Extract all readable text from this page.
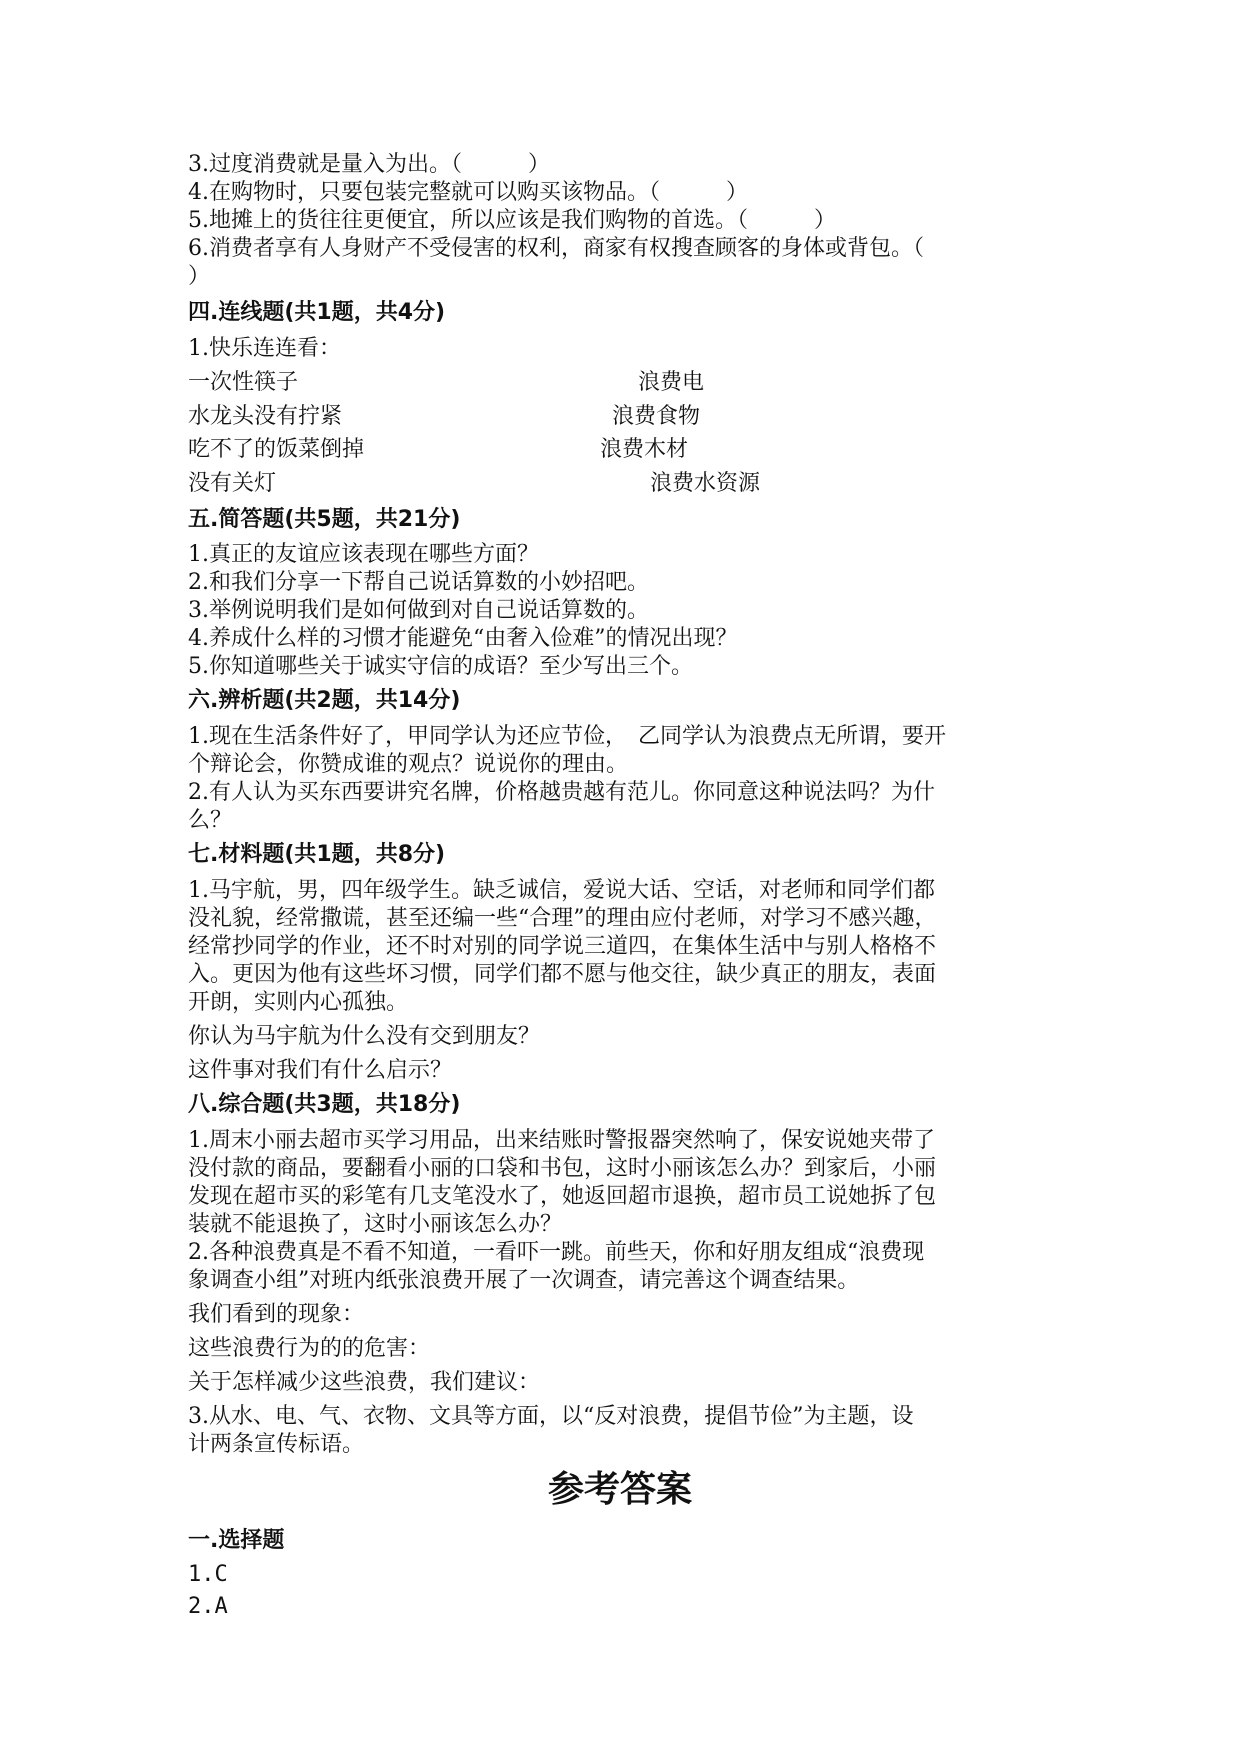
3.过度消费就是量入为出。（　　　）
4.在购物时，只要包装完整就可以购买该物品。（　　　）
5.地摊上的货往往更便宜，所以应该是我们购物的首选。（　　　）
6.消费者享有人身财产不受侵害的权利，商家有权搜查顾客的身体或背包。（
）
四.连线题(共1题，共4分)
1.快乐连连看：
一次性筷子
水龙头没有拧紧
吃不了的饭菜倒掉
没有关灯
浪费电
浪费食物
浪费木材
浪费水资源
五.简答题(共5题，共21分)
1.真正的友谊应该表现在哪些方面？
2.和我们分享一下帮自己说话算数的小妙招吧。
3.举例说明我们是如何做到对自己说话算数的。
4.养成什么样的习惯才能避免“由奢入俭难”的情况出现？
5.你知道哪些关于诚实守信的成语？至少写出三个。
六.辨析题(共2题，共14分)
1.现在生活条件好了，甲同学认为还应节俭，　乙同学认为浪费点无所谓，要开
个辩论会，你赞成谁的观点？说说你的理由。
2.有人认为买东西要讲究名牌，价格越贵越有范儿。你同意这种说法吗？为什
么？
七.材料题(共1题，共8分)
1.马宇航，男，四年级学生。缺乏诚信，爱说大话、空话，对老师和同学们都
没礼貌，经常撒谎，甚至还编一些“合理”的理由应付老师，对学习不感兴趣，
经常抄同学的作业，还不时对别的同学说三道四，在集体生活中与别人格格不
入。更因为他有这些坏习惯，同学们都不愿与他交往，缺少真正的朋友，表面
开朗，实则内心孤独。
你认为马宇航为什么没有交到朋友？
这件事对我们有什么启示？
八.综合题(共3题，共18分)
1.周末小丽去超市买学习用品，出来结账时警报器突然响了，保安说她夹带了
没付款的商品，要翻看小丽的口袋和书包，这时小丽该怎么办？到家后，小丽
发现在超市买的彩笔有几支笔没水了，她返回超市退换，超市员工说她拆了包
装就不能退换了，这时小丽该怎么办？
2.各种浪费真是不看不知道，一看吓一跳。前些天，你和好朋友组成“浪费现
象调查小组”对班内纸张浪费开展了一次调查，请完善这个调查结果。
我们看到的现象：
这些浪费行为的的危害：
关于怎样减少这些浪费，我们建议：
3.从水、电、气、衣物、文具等方面，以“反对浪费，提倡节俭”为主题，设
计两条宣传标语。
参考答案
一.选择题
1.C
2.A
